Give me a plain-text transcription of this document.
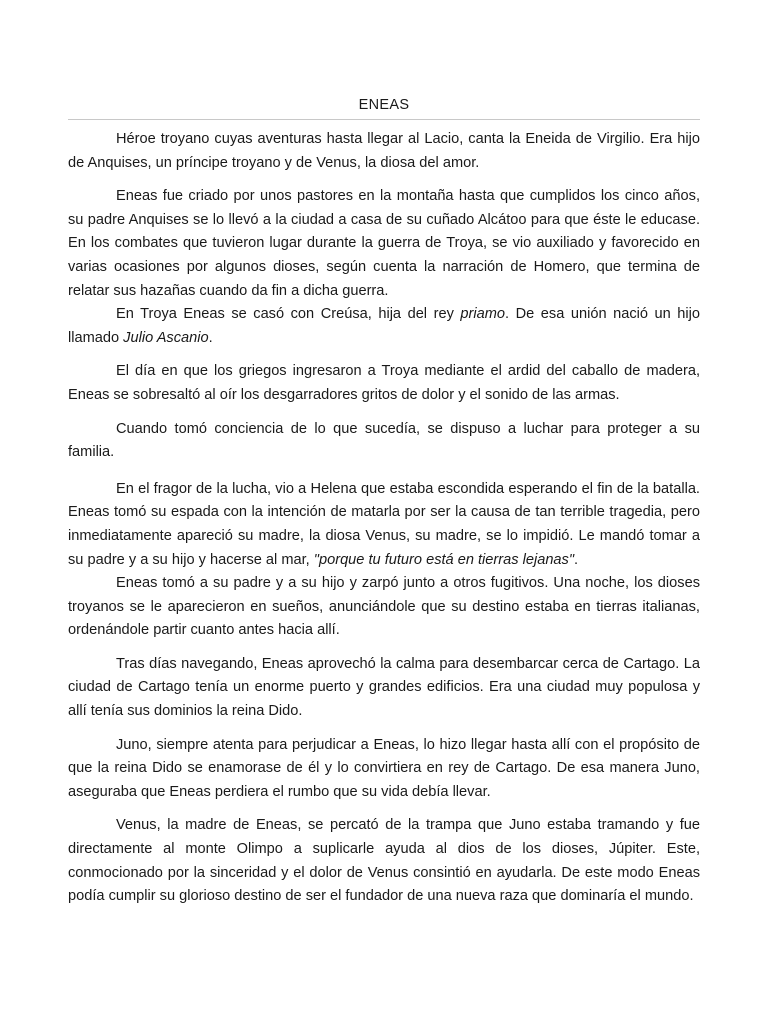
ENEAS

Héroe troyano cuyas aventuras hasta llegar al Lacio, canta la Eneida de Virgilio. Era hijo de Anquises, un príncipe troyano y de Venus, la diosa del amor.

Eneas fue criado por unos pastores en la montaña hasta que cumplidos los cinco años, su padre Anquises se lo llevó a la ciudad a casa de su cuñado Alcátoo para que éste le educase. En los combates que tuvieron lugar durante la guerra de Troya, se vio auxiliado y favorecido en varias ocasiones por algunos dioses, según cuenta la narración de Homero, que termina de relatar sus hazañas cuando da fin a dicha guerra.

En Troya Eneas se casó con Creúsa, hija del rey priamo. De esa unión nació un hijo llamado Julio Ascanio.

El día en que los griegos ingresaron a Troya mediante el ardid del caballo de madera, Eneas se sobresaltó al oír los desgarradores gritos de dolor y el sonido de las armas.

Cuando tomó conciencia de lo que sucedía, se dispuso a luchar para proteger a su familia.

En el fragor de la lucha, vio a Helena que estaba escondida esperando el fin de la batalla. Eneas tomó su espada con la intención de matarla por ser la causa de tan terrible tragedia, pero inmediatamente apareció su madre, la diosa Venus, su madre, se lo impidió. Le mandó tomar a su padre y a su hijo y hacerse al mar, "porque tu futuro está en tierras lejanas".

Eneas tomó a su padre y a su hijo y zarpó junto a otros fugitivos. Una noche, los dioses troyanos se le aparecieron en sueños, anunciándole que su destino estaba en tierras italianas, ordenándole partir cuanto antes hacia allí.

Tras días navegando, Eneas aprovechó la calma para desembarcar cerca de Cartago. La ciudad de Cartago tenía un enorme puerto y grandes edificios. Era una ciudad muy populosa y allí tenía sus dominios la reina Dido.

Juno, siempre atenta para perjudicar a Eneas, lo hizo llegar hasta allí con el propósito de que la reina Dido se enamorase de él y lo convirtiera en rey de Cartago. De esa manera Juno, aseguraba que Eneas perdiera el rumbo que su vida debía llevar.

Venus, la madre de Eneas, se percató de la trampa que Juno estaba tramando y fue directamente al monte Olimpo a suplicarle ayuda al dios de los dioses, Júpiter. Este, conmocionado por la sinceridad y el dolor de Venus consintió en ayudarla. De este modo Eneas podía cumplir su glorioso destino de ser el fundador de una nueva raza que dominaría el mundo.
